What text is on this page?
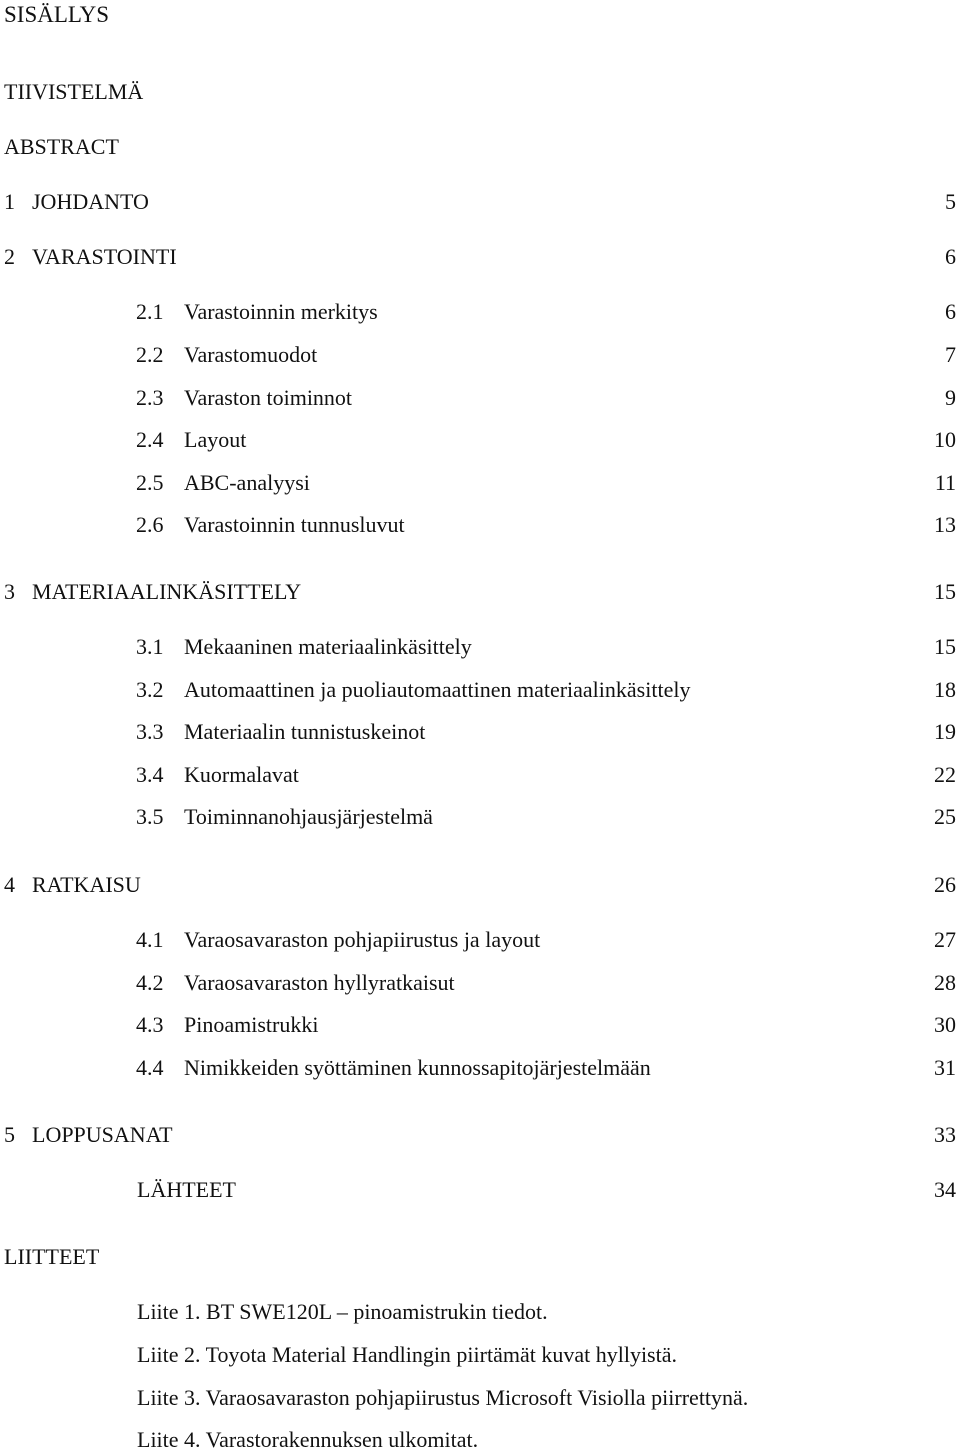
SISÄLLYS
TIIVISTELMÄ
ABSTRACT
1 JOHDANTO	5
2 VARASTOINTI	6
2.1 Varastoinnin merkitys	6
2.2 Varastomuodot	7
2.3 Varaston toiminnot	9
2.4 Layout	10
2.5 ABC-analyysi	11
2.6 Varastoinnin tunnusluvut	13
3 MATERIAALINKÄSITTELY	15
3.1 Mekaaninen materiaalinkäsittely	15
3.2 Automaattinen ja puoliautomaattinen materiaalinkäsittely	18
3.3 Materiaalin tunnistuskeinot	19
3.4 Kuormalavat	22
3.5 Toiminnanohjausjärjestelmä	25
4 RATKAISU	26
4.1 Varaosavaraston pohjapiirustus ja layout	27
4.2 Varaosavaraston hyllyratkaisut	28
4.3 Pinoamistrukki	30
4.4 Nimikkeiden syöttäminen kunnossapitojärjestelmään	31
5 LOPPUSANAT	33
LÄHTEET	34
LIITTEET
Liite 1. BT SWE120L – pinoamistrukin tiedot.
Liite 2. Toyota Material Handlingin piirtämät kuvat hyllyistä.
Liite 3. Varaosavaraston pohjapiirustus Microsoft Visiolla piirrettynä.
Liite 4. Varastorakennuksen ulkomitat.
